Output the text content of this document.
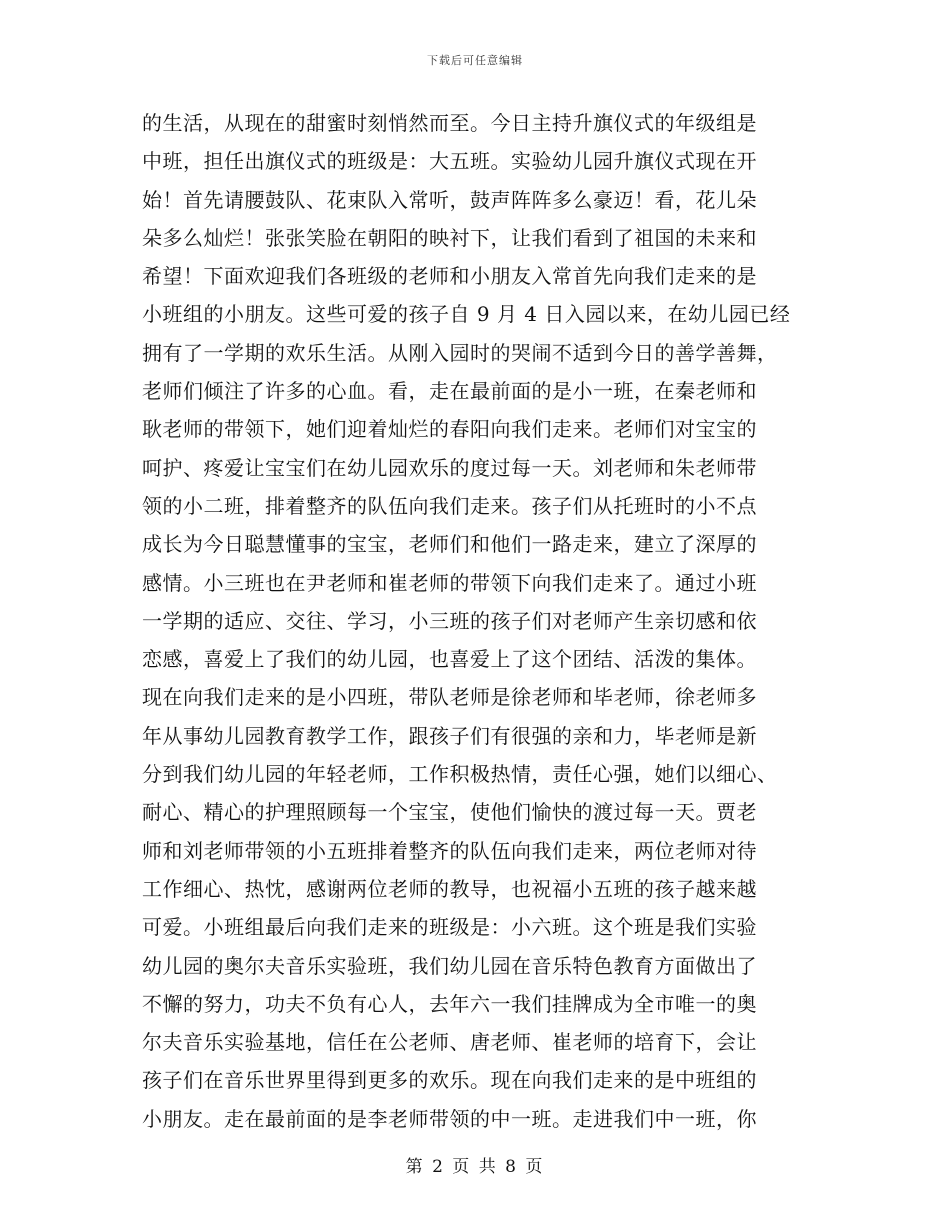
下载后可任意编辑
的生活，从现在的甜蜜时刻悄然而至。今日主持升旗仪式的年级组是
中班，担任出旗仪式的班级是：大五班。实验幼儿园升旗仪式现在开
始！首先请腰鼓队、花束队入常听，鼓声阵阵多么豪迈！看，花儿朵
朵多么灿烂！张张笑脸在朝阳的映衬下，让我们看到了祖国的未来和
希望！下面欢迎我们各班级的老师和小朋友入常首先向我们走来的是
小班组的小朋友。这些可爱的孩子自 9 月 4 日入园以来，在幼儿园已经
拥有了一学期的欢乐生活。从刚入园时的哭闹不适到今日的善学善舞，
老师们倾注了许多的心血。看，走在最前面的是小一班，在秦老师和
耿老师的带领下，她们迎着灿烂的春阳向我们走来。老师们对宝宝的
呵护、疼爱让宝宝们在幼儿园欢乐的度过每一天。刘老师和朱老师带
领的小二班，排着整齐的队伍向我们走来。孩子们从托班时的小不点
成长为今日聪慧懂事的宝宝，老师们和他们一路走来，建立了深厚的
感情。小三班也在尹老师和崔老师的带领下向我们走来了。通过小班
一学期的适应、交往、学习，小三班的孩子们对老师产生亲切感和依
恋感，喜爱上了我们的幼儿园，也喜爱上了这个团结、活泼的集体。
现在向我们走来的是小四班，带队老师是徐老师和毕老师，徐老师多
年从事幼儿园教育教学工作，跟孩子们有很强的亲和力，毕老师是新
分到我们幼儿园的年轻老师，工作积极热情，责任心强，她们以细心、
耐心、精心的护理照顾每一个宝宝，使他们愉快的渡过每一天。贾老
师和刘老师带领的小五班排着整齐的队伍向我们走来，两位老师对待
工作细心、热忱，感谢两位老师的教导，也祝福小五班的孩子越来越
可爱。小班组最后向我们走来的班级是：小六班。这个班是我们实验
幼儿园的奥尔夫音乐实验班，我们幼儿园在音乐特色教育方面做出了
不懈的努力，功夫不负有心人，去年六一我们挂牌成为全市唯一的奥
尔夫音乐实验基地，信任在公老师、唐老师、崔老师的培育下，会让
孩子们在音乐世界里得到更多的欢乐。现在向我们走来的是中班组的
小朋友。走在最前面的是李老师带领的中一班。走进我们中一班，你
第 2 页 共 8 页
